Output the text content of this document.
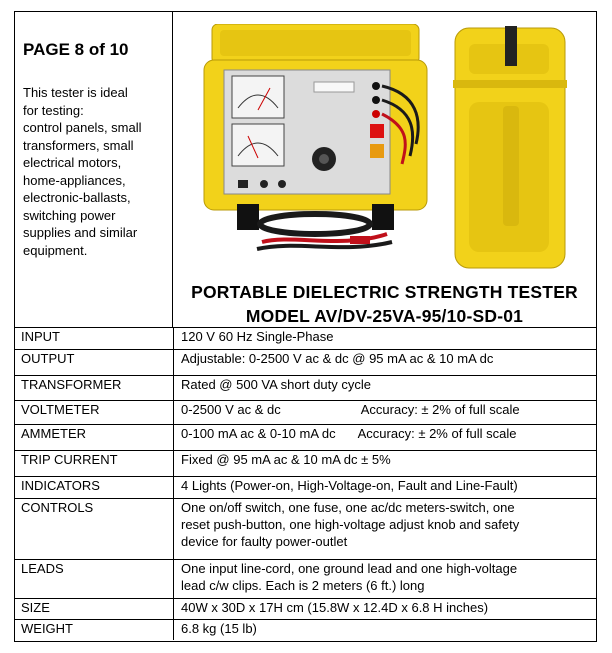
PAGE 8 of 10
This tester is ideal
for testing:
control panels, small
transformers, small
electrical motors,
home-appliances,
electronic-ballasts,
switching power
supplies and similar
equipment.
PORTABLE DIELECTRIC STRENGTH TESTER
MODEL AV/DV-25VA-95/10-SD-01
INPUT	120 V 60 Hz Single-Phase
OUTPUT	Adjustable: 0-2500 V ac & dc @ 95 mA ac & 10 mA dc
TRANSFORMER	Rated @ 500 VA short duty cycle
VOLTMETER	0-2500 V ac & dc Accuracy: ± 2% of full scale
AMMETER	0-100 mA ac & 0-10 mA dc Accuracy: ± 2% of full scale
TRIP CURRENT	Fixed @ 95 mA ac & 10 mA dc ± 5%
INDICATORS	4 Lights (Power-on, High-Voltage-on, Fault and Line-Fault)
CONTROLS	One on/off switch, one fuse, one ac/dc meters-switch, one
reset push-button, one high-voltage adjust knob and safety
device for faulty power-outlet

LEADS	One input line-cord, one ground lead and one high-voltage
lead c/w clips. Each is 2 meters (6 ft.) long

SIZE	40W x 30D x 17H cm (15.8W x 12.4D x 6.8 H inches)
WEIGHT	6.8 kg (15 lb)
